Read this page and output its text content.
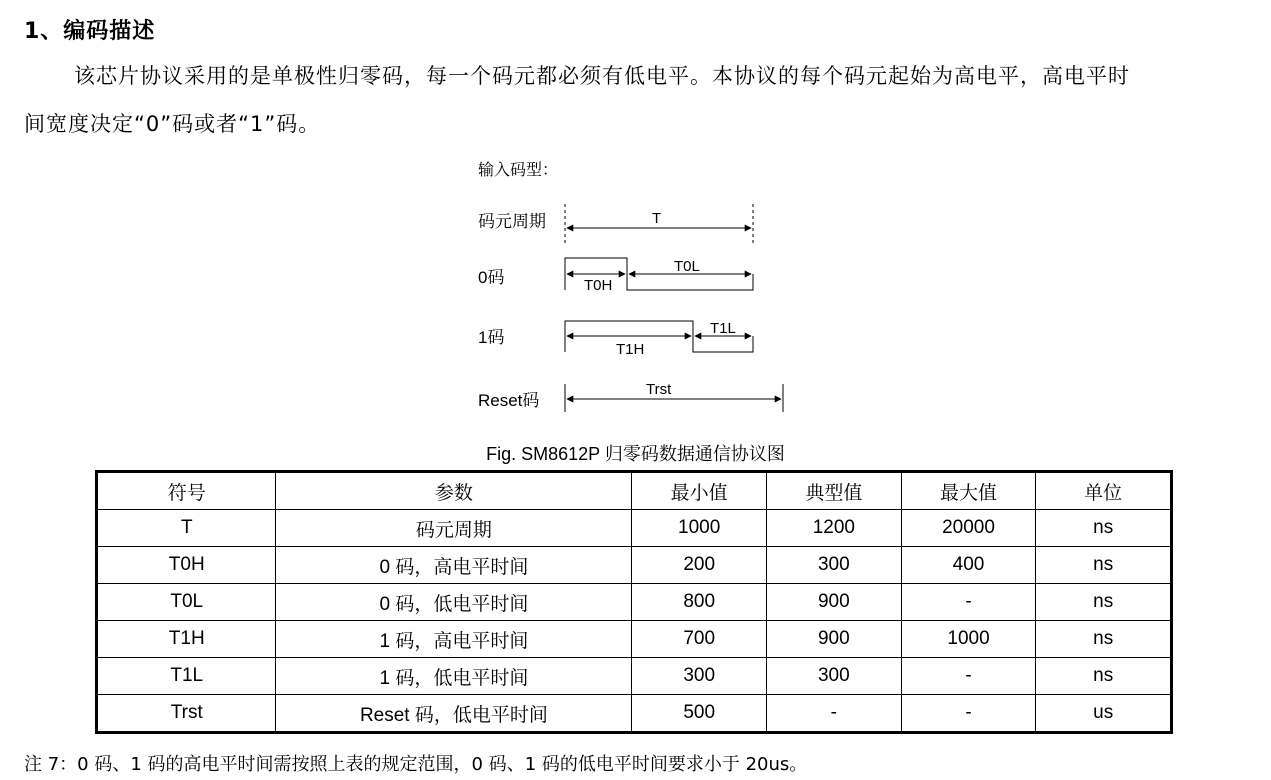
1、编码描述
该芯片协议采用的是单极性归零码，每一个码元都必须有低电平。本协议的每个码元起始为高电平，高电平时
间宽度决定“0”码或者“1”码。
输入码型：
码元周期
0码
1码
Reset码
T
T0H
T0L
T1H
T1L
Trst
Fig. SM8612P 归零码数据通信协议图
符号	参数	最小值	典型值	最大值	单位
T	码元周期	1000	1200	20000	ns
T0H	0 码，高电平时间	200	300	400	ns
T0L	0 码，低电平时间	800	900	-	ns
T1H	1 码，高电平时间	700	900	1000	ns
T1L	1 码，低电平时间	300	300	-	ns
Trst	Reset 码，低电平时间	500	-	-	us
注 7：0 码、1 码的高电平时间需按照上表的规定范围，0 码、1 码的低电平时间要求小于 20us。
